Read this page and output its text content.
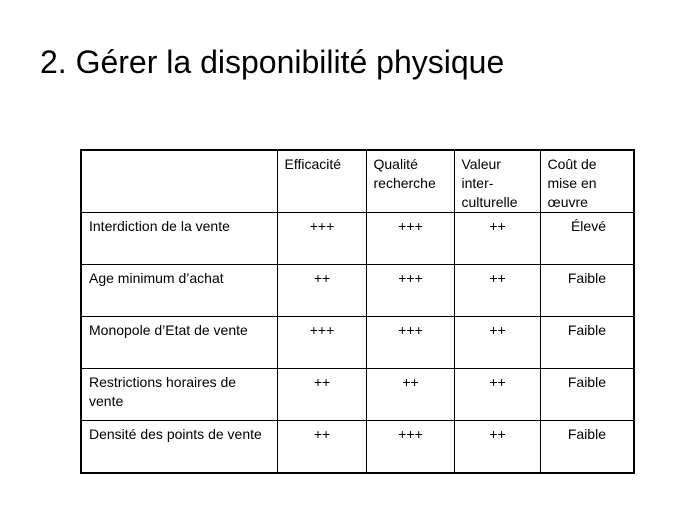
2. Gérer la disponibilité physique
	Efficacité	Qualité recherche	Valeur inter-culturelle	Coût de mise en œuvre
Interdiction de la vente	+++	+++	++	Élevé
Age minimum d’achat	++	+++	++	Faible
Monopole d’Etat de vente	+++	+++	++	Faible
Restrictions horaires de vente	++	++	++	Faible
Densité des points de vente	++	+++	++	Faible
